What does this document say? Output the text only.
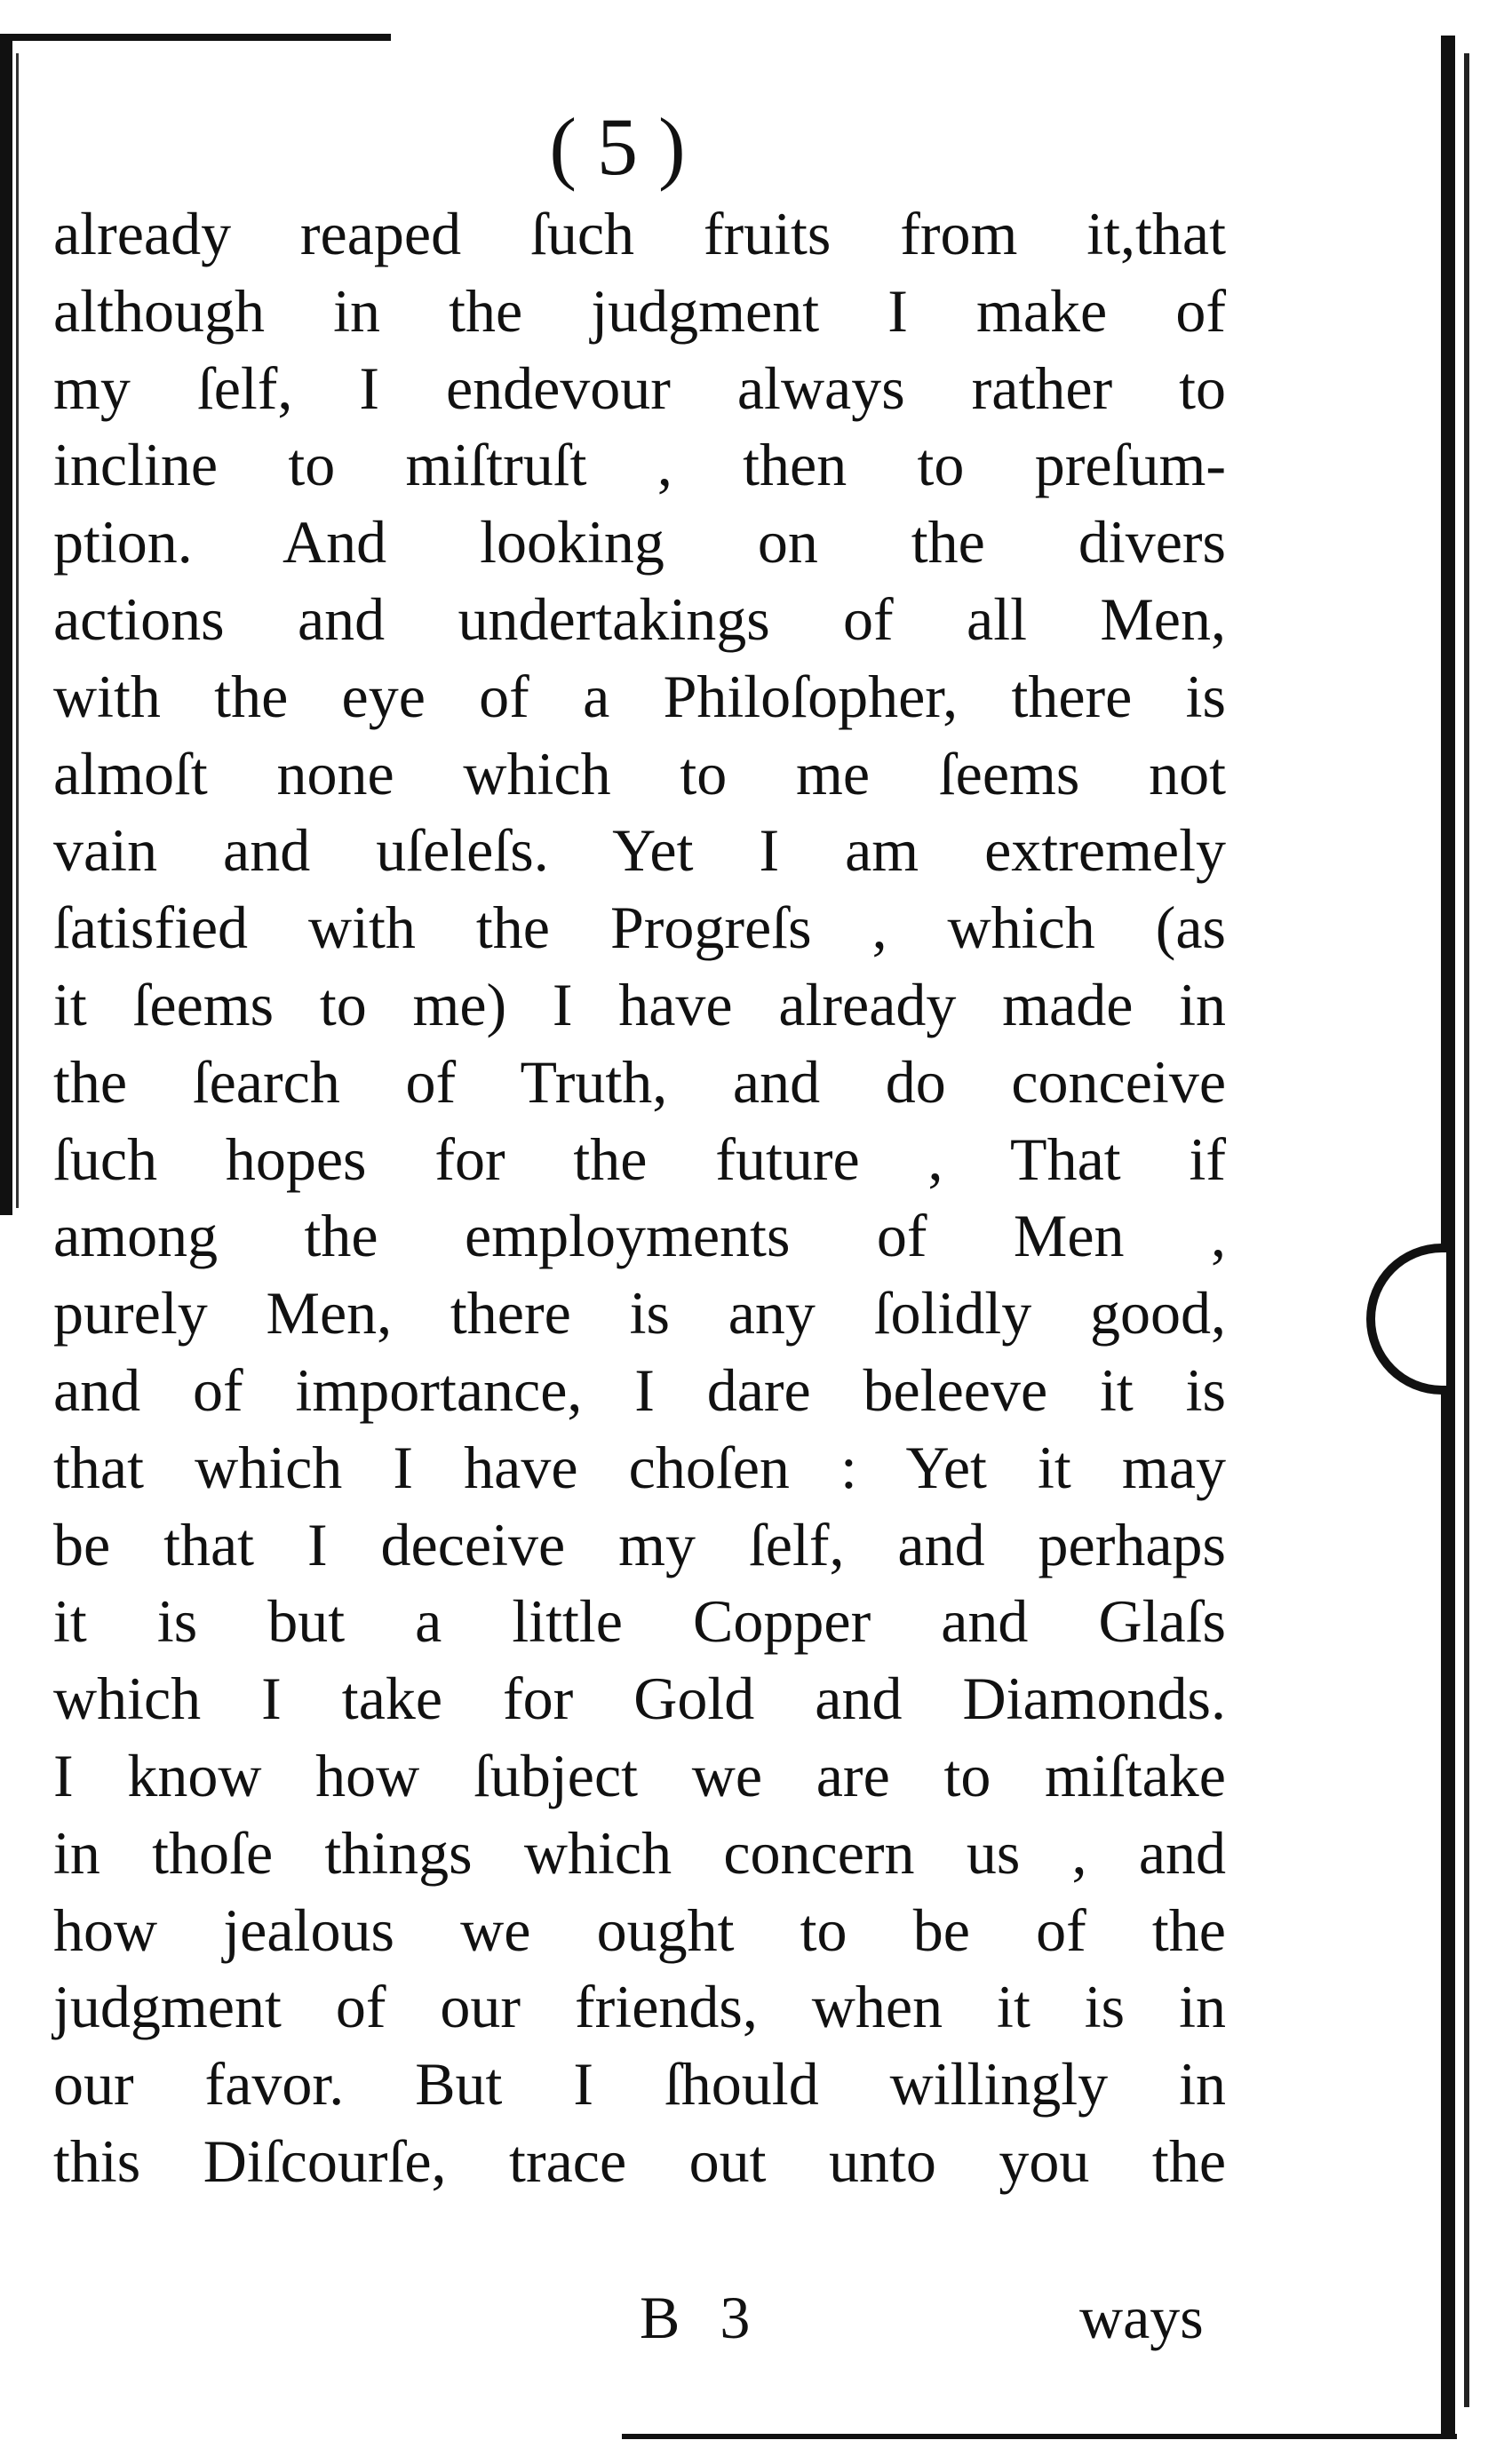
( 5 )
already reaped ſuch fruits from it,that
although in the judgment I make of
my ſelf, I endevour always rather to
incline to miſtruſt , then to preſum-
ption. And looking on the divers
actions and undertakings of all Men,
with the eye of a Philoſopher, there is
almoſt none which to me ſeems not
vain and uſeleſs. Yet I am extremely
ſatisfied with the Progreſs , which (as
it ſeems to me) I have already made in
the ſearch of Truth, and do conceive
ſuch hopes for the future , That if
among the employments of Men ,
purely Men, there is any ſolidly good,
and of importance, I dare beleeve it is
that which I have choſen : Yet it may
be that I deceive my ſelf, and perhaps
it is but a little Copper and Glaſs
which I take for Gold and Diamonds.
I know how ſubject we are to miſtake
in thoſe things which concern us , and
how jealous we ought to be of the
judgment of our friends, when it is in
our favor. But I ſhould willingly in
this Diſcourſe, trace out unto you the
B 3	ways
